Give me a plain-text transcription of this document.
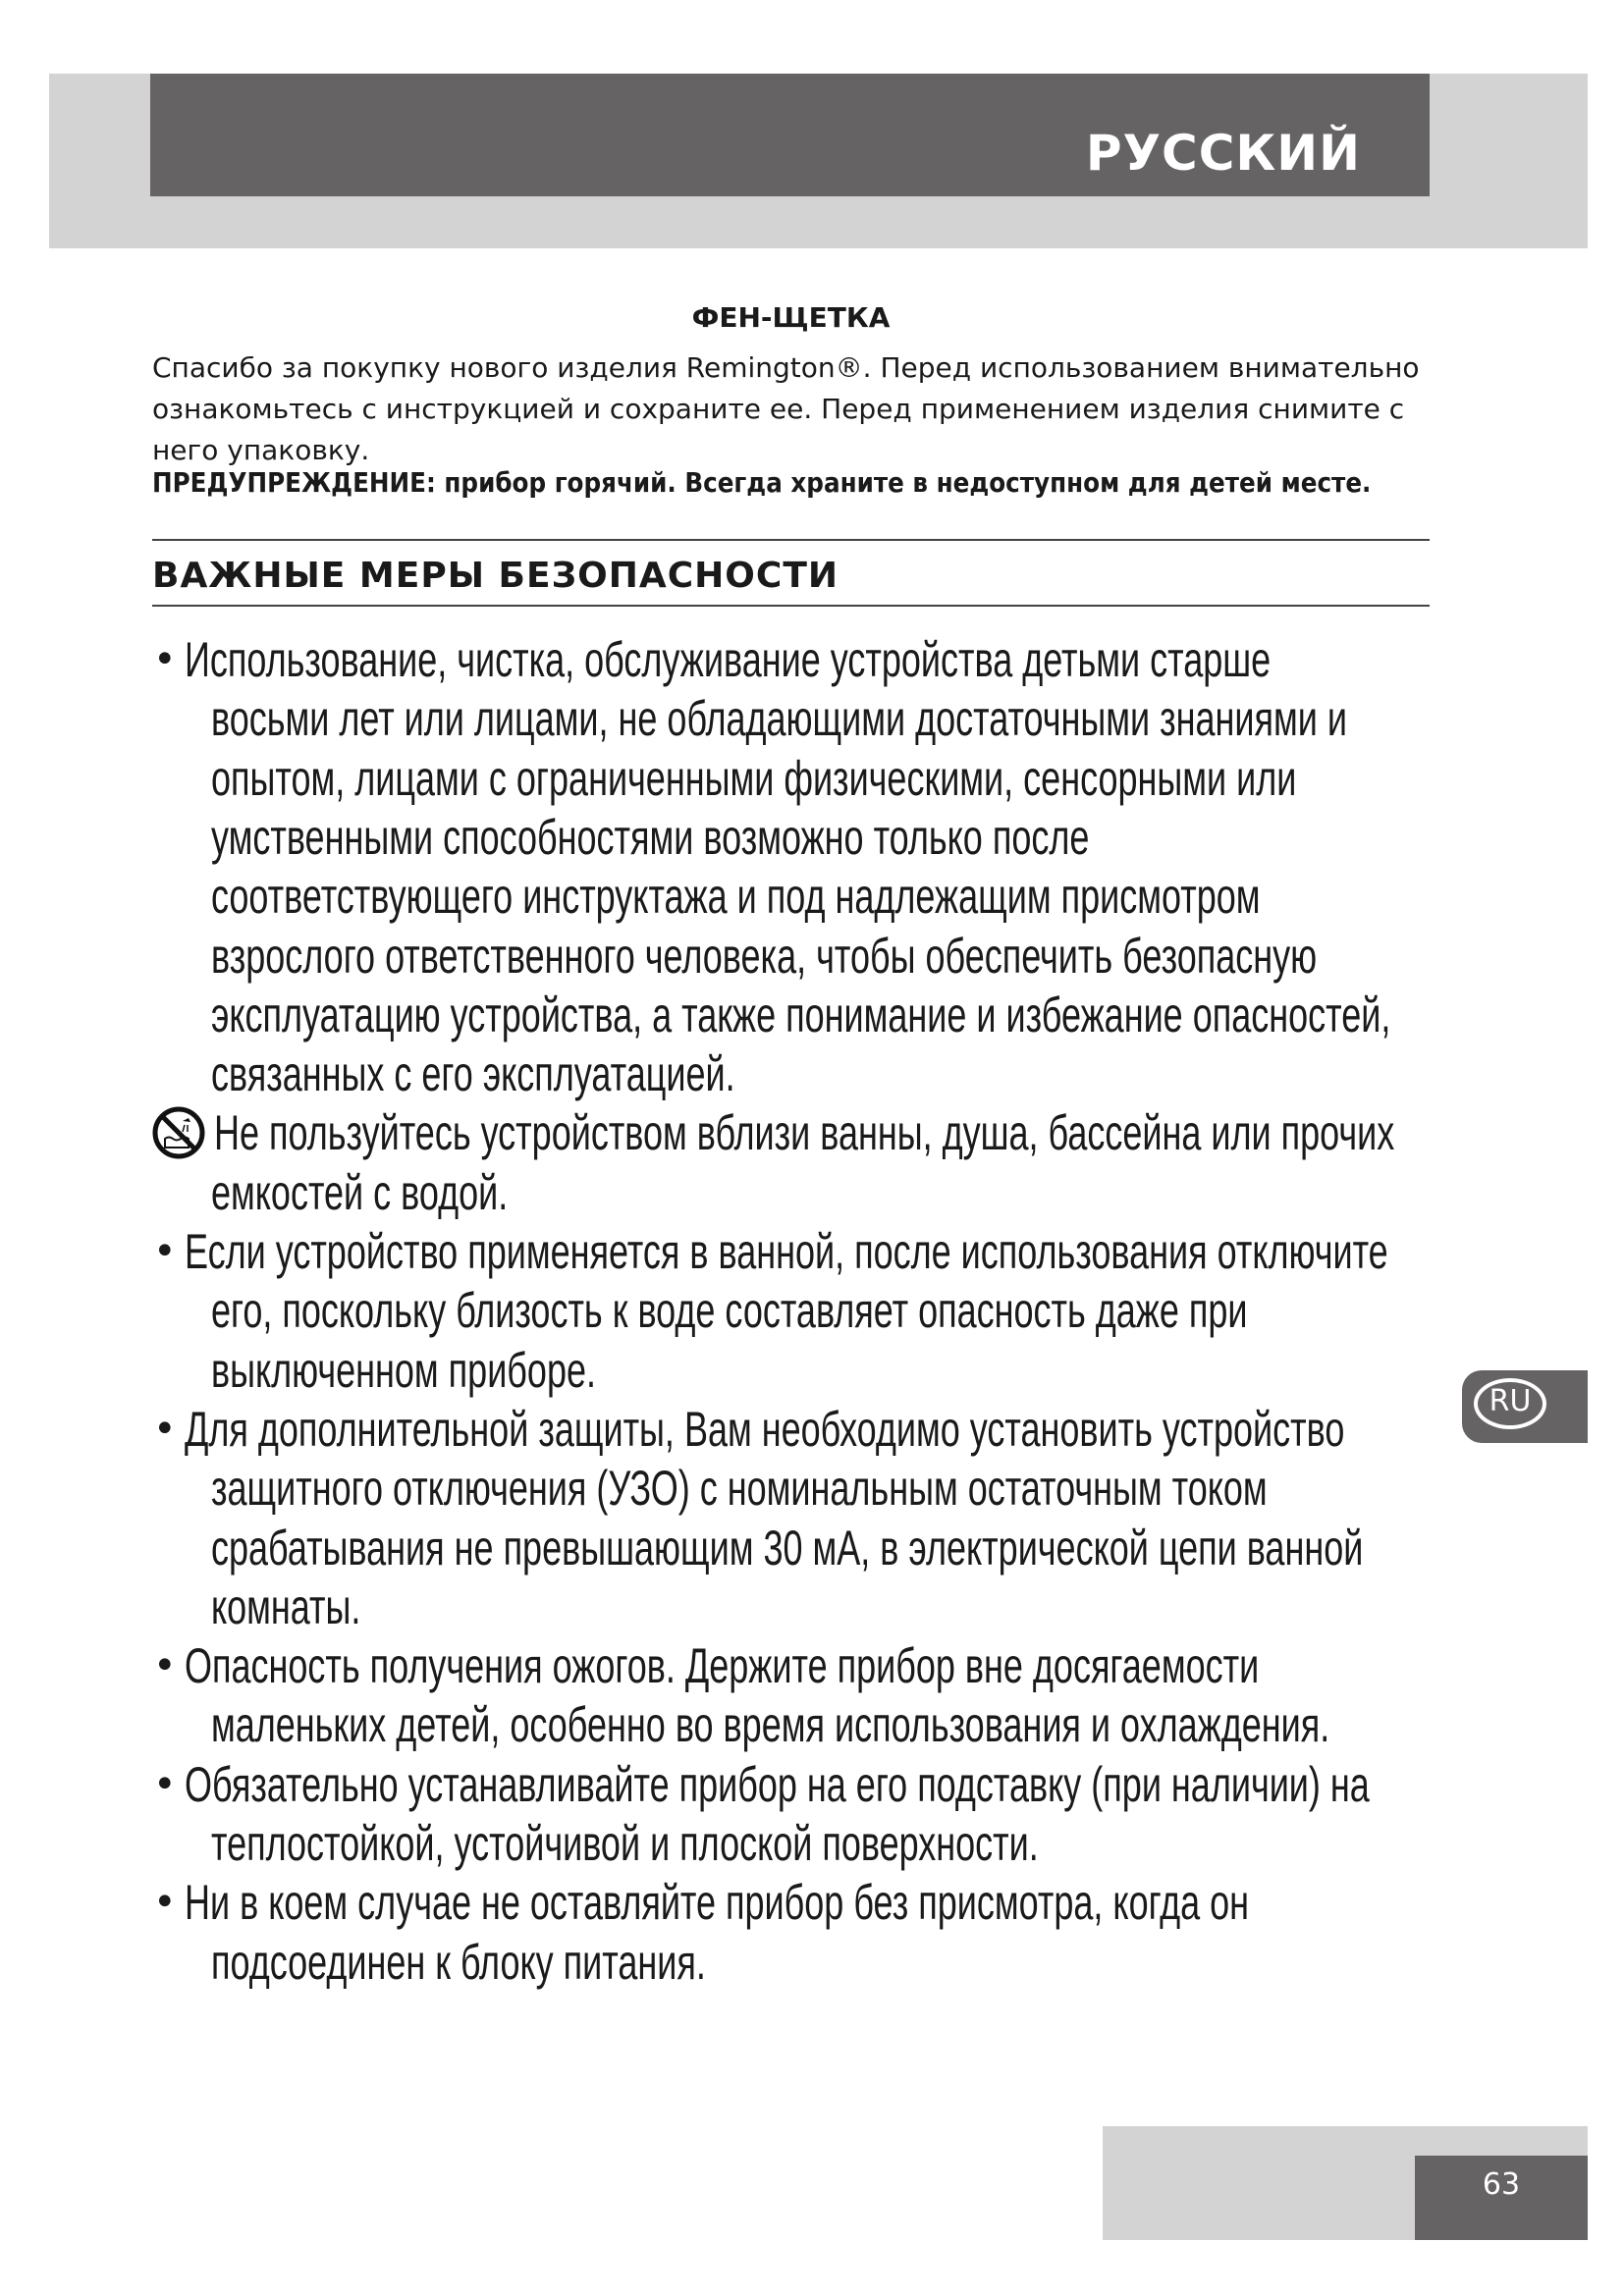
РУССКИЙ
ФЕН-ЩЕТКА
Спасибо за покупку нового изделия Remington®. Перед использованием внимательно ознакомьтесь с инструкцией и сохраните ее. Перед применением изделия снимите с него упаковку.
ПРЕДУПРЕЖДЕНИЕ: прибор горячий. Всегда храните в недоступном для детей месте.
ВАЖНЫЕ МЕРЫ БЕЗОПАСНОСТИ
• Использование, чистка, обслуживание устройства детьми старше
восьми лет или лицами, не обладающими достаточными знаниями и
опытом, лицами с ограниченными физическими, сенсорными или
умственными способностями возможно только после
соответствующего инструктажа и под надлежащим присмотром
взрослого ответственного человека, чтобы обеспечить безопасную
эксплуатацию устройства, а также понимание и избежание опасностей,
связанных с его эксплуатацией.
Не пользуйтесь устройством вблизи ванны, душа, бассейна или прочих
емкостей с водой.
• Если устройство применяется в ванной, после использования отключите
его, поскольку близость к воде составляет опасность даже при
выключенном приборе.
• Для дополнительной защиты, Вам необходимо установить устройство
защитного отключения (УЗО) с номинальным остаточным током
срабатывания не превышающим 30 мА, в электрической цепи ванной
комнаты.
• Опасность получения ожогов. Держите прибор вне досягаемости
маленьких детей, особенно во время использования и охлаждения.
• Обязательно устанавливайте прибор на его подставку (при наличии) на
теплостойкой, устойчивой и плоской поверхности.
• Ни в коем случае не оставляйте прибор без присмотра, когда он
подсоединен к блоку питания.
RU
63
